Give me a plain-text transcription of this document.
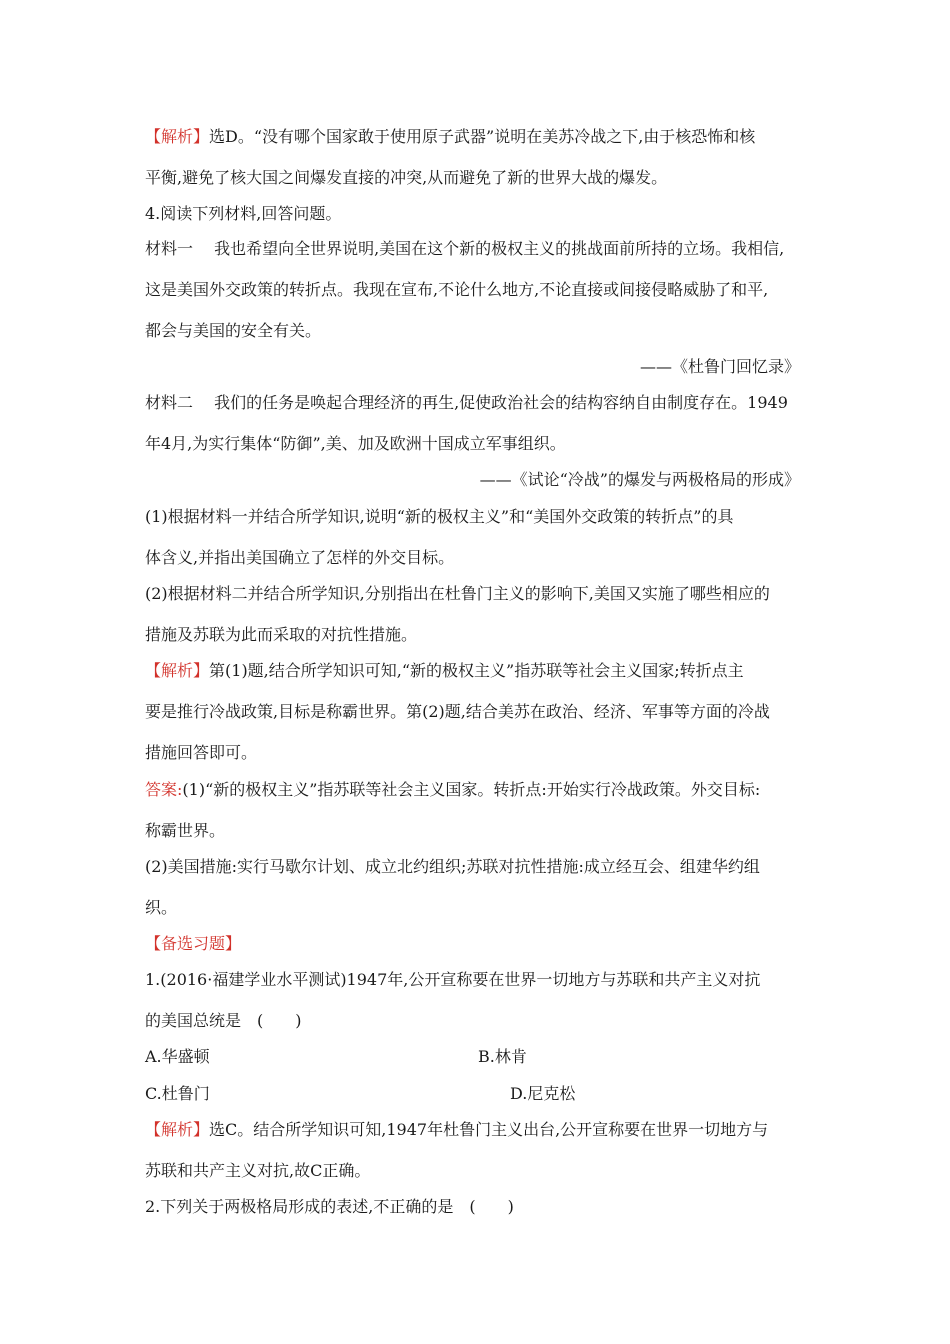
【解析】选D。“没有哪个国家敢于使用原子武器”说明在美苏冷战之下,由于核恐怖和核
平衡,避免了核大国之间爆发直接的冲突,从而避免了新的世界大战的爆发。
4.阅读下列材料,回答问题。
材料一　 我也希望向全世界说明,美国在这个新的极权主义的挑战面前所持的立场。我相信,
这是美国外交政策的转折点。我现在宣布,不论什么地方,不论直接或间接侵略威胁了和平,
都会与美国的安全有关。
——《杜鲁门回忆录》
材料二　 我们的任务是唤起合理经济的再生,促使政治社会的结构容纳自由制度存在。1949
年4月,为实行集体“防御”,美、加及欧洲十国成立军事组织。
——《试论“冷战”的爆发与两极格局的形成》
(1)根据材料一并结合所学知识,说明“新的极权主义”和“美国外交政策的转折点”的具
体含义,并指出美国确立了怎样的外交目标。
(2)根据材料二并结合所学知识,分别指出在杜鲁门主义的影响下,美国又实施了哪些相应的
措施及苏联为此而采取的对抗性措施。
【解析】第(1)题,结合所学知识可知,“新的极权主义”指苏联等社会主义国家;转折点主
要是推行冷战政策,目标是称霸世界。第(2)题,结合美苏在政治、经济、军事等方面的冷战
措施回答即可。
答案:(1)“新的极权主义”指苏联等社会主义国家。转折点:开始实行冷战政策。外交目标:
称霸世界。
(2)美国措施:实行马歇尔计划、成立北约组织;苏联对抗性措施:成立经互会、组建华约组
织。
【备选习题】
1.(2016·福建学业水平测试)1947年,公开宣称要在世界一切地方与苏联和共产主义对抗
的美国总统是　(　　)
A.华盛顿	B.林肯
C.杜鲁门	D.尼克松
【解析】选C。结合所学知识可知,1947年杜鲁门主义出台,公开宣称要在世界一切地方与
苏联和共产主义对抗,故C正确。
2.下列关于两极格局形成的表述,不正确的是　(　　)
